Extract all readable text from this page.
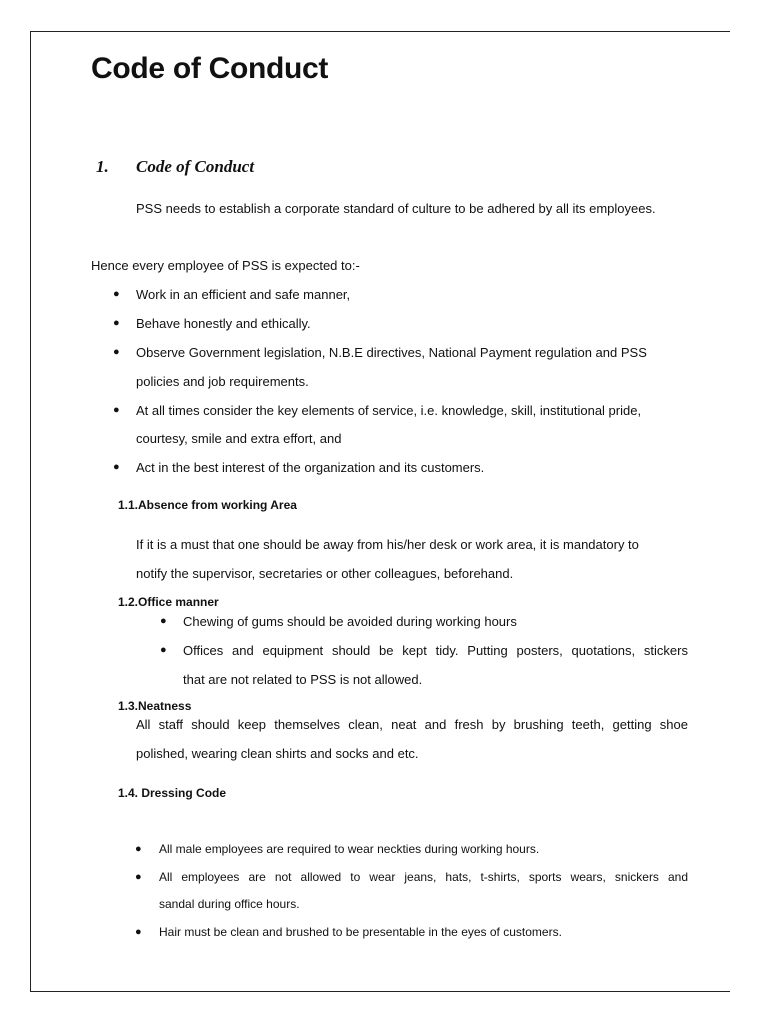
Code of Conduct
1. Code of Conduct
PSS needs to establish a corporate standard of culture to be adhered by all its employees.
Hence every employee of PSS is expected to:-
● Work in an efficient and safe manner,
● Behave honestly and ethically.
● Observe Government legislation, N.B.E directives, National Payment regulation and PSS
policies and job requirements.
● At all times consider the key elements of service, i.e. knowledge, skill, institutional pride,
courtesy, smile and extra effort, and
● Act in the best interest of the organization and its customers.
1.1.Absence from working Area
If it is a must that one should be away from his/her desk or work area, it is mandatory to
notify the supervisor, secretaries or other colleagues, beforehand.
1.2.Office manner
● Chewing of gums should be avoided during working hours
● Offices and equipment should be kept tidy. Putting posters, quotations, stickers
that are not related to PSS is not allowed.
1.3.Neatness
All staff should keep themselves clean, neat and fresh by brushing teeth, getting shoe
polished, wearing clean shirts and socks and etc.
1.4. Dressing Code
● All male employees are required to wear neckties during working hours.
● All employees are not allowed to wear jeans, hats, t-shirts, sports wears, snickers and
sandal during office hours.
● Hair must be clean and brushed to be presentable in the eyes of customers.
